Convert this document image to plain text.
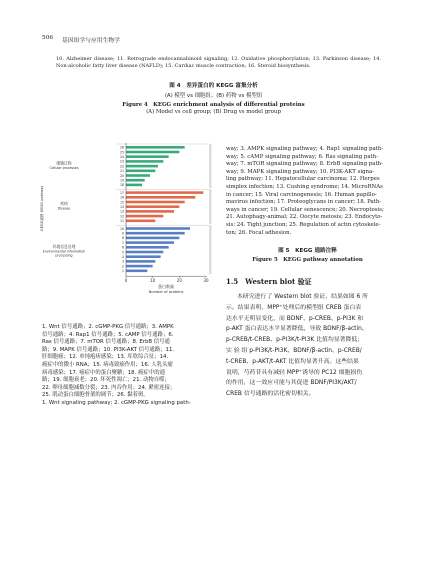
506 基因组学与应用生物学

10. Alzheimer disease; 11. Retrograde endocannabinoid signaling; 12. Oxidative phosphorylation; 13. Parkinson disease; 14. Non-alcoholic fatty liver disease (NAFLD); 15. Cardiac muscle contraction; 16. Steroid biosynthesis.

图 4　差异蛋白的 KEGG 富集分析
(A) 模型 vs 细胞组；(B) 药物 vs 模型组
Figure 4　KEGG enrichment analysis of differential proteins
(A) Model vs cell group; (B) Drug vs model group
26
25
24
23
22
21
20
19
18
17
16
15
14
13
12
11
10
9
8
7
6
5
4
3
2
1
细胞过程
Cellular processes
疾病
Disease
环境信息处理
Environmental information
processing
0	10	20	30
蛋白数量
Number of proteins
KEGG通路 KEGG pathway
1. Wnt 信号通路；2. cGMP-PKG 信号通路；3. AMPK
信号通路；4. Rap1 信号通路；5. cAMP 信号通路；6.
Ras 信号通路；7. mTOR 信号通路；8. ErbB 信号通
路；9. MAPK 信号通路；10. PI3K-AKT 信号通路；11.
肝细胞癌；12. 单纯疱疹感染；13. 库欣综合征；14.
癌症中的微小 RNA；15. 病毒致癌作用；16. 人乳头瘤
病毒感染；17. 癌症中的蛋白聚糖；18. 癌症中的通
路；19. 细胞衰老；20. 坏死性凋亡；21. 动物自噬；
22. 卵母细胞减数分裂；23. 内吞作用；24. 紧密连接；
25. 肌动蛋白细胞骨架的调节；26. 黏着斑。
1. Wnt signaling pathway; 2. cGMP-PKG signaling path-
way; 3. AMPK signaling pathway; 4. Rap1 signaling path-
way; 5. cAMP signaling pathway; 6. Ras signaling path-
way; 7. mTOR signaling pathway; 8. ErbB signaling path-
way; 9. MAPK signaling pathway; 10. PI3K-AKT signa-
ling pathway; 11. Hepatocellular carcinoma; 12. Herpes
simplex infection; 13. Cushing syndrome; 14. MicroRNAs
in cancer; 15. Viral carcinogenesis; 16. Human papillo-
mavirus infection; 17. Proteoglycans in cancer; 18. Path-
ways in cancer; 19. Cellular senescence; 20. Necroptosis;
21. Autophagy-animal; 22. Oocyte meiosis; 23. Endocyto-
sis; 24. Tight junction; 25. Regulation of actin cytoskele-
ton; 26. Focal adhesion.
图 5　KEGG 通路注释
Figure 5　KEGG pathway annotation
1.5　Western blot 验证
本研究进行了 Western blot 验证，结果如图 6 所
示。结果表明，MPP⁺处理后的模型组 CREB 蛋白表
达水平无明显变化，而 BDNF、p-CREB、p-PI3K 和
p-AKT 蛋白表达水平显著降低，导致 BDNF/β-actin、
p-CREB/t-CREB、p-PI3K/t-PI3K 比值均显著降低；
实 验 组 p-PI3K/t-PI3K、BDNF/β-actin、p-CREB/
t-CREB、p-AKT/t-AKT 比值均显著升高。这些结果
说明，芍药苷具有减轻 MPP⁺诱导的 PC12 细胞损伤
的作用，这一效应可能与其促进 BDNF/PI3K/AKT/
CREB 信号通路的活化密切相关。
